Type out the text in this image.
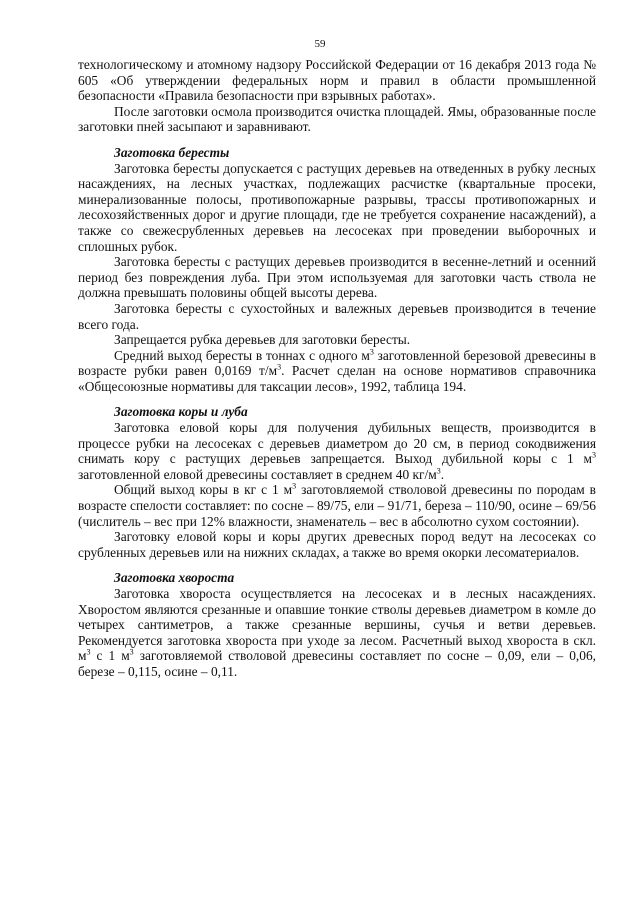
59

технологическому и атомному надзору Российской Федерации от 16 декабря 2013 года № 605 «Об утверждении федеральных норм и правил в области промышленной безопасности «Правила безопасности при взрывных работах».

После заготовки осмола производится очистка площадей. Ямы, образованные после заготовки пней засыпают и заравнивают.

Заготовка бересты

Заготовка бересты допускается с растущих деревьев на отведенных в рубку лесных насаждениях, на лесных участках, подлежащих расчистке (квартальные просеки, минерализованные полосы, противопожарные разрывы, трассы противопожарных и лесохозяйственных дорог и другие площади, где не требуется сохранение насаждений), а также со свежесрубленных деревьев на лесосеках при проведении выборочных и сплошных рубок.

Заготовка бересты с растущих деревьев производится в весенне-летний и осенний период без повреждения луба. При этом используемая для заготовки часть ствола не должна превышать половины общей высоты дерева.

Заготовка бересты с сухостойных и валежных деревьев производится в течение всего года.

Запрещается рубка деревьев для заготовки бересты.

Средний выход бересты в тоннах с одного $м^3$ заготовленной березовой древесины в возрасте рубки равен 0,0169 $т/м^3$. Расчет сделан на основе нормативов справочника «Общесоюзные нормативы для таксации лесов», 1992, таблица 194.

Заготовка коры и луба

Заготовка еловой коры для получения дубильных веществ, производится в процессе рубки на лесосеках с деревьев диаметром до 20 см, в период сокодвижения снимать кору с растущих деревьев запрещается. Выход дубильной коры с 1 $м^3$ заготовленной еловой древесины составляет в среднем 40 $кг/м^3$.

Общий выход коры в кг с 1 $м^3$ заготовляемой стволовой древесины по породам в возрасте спелости составляет: по сосне – 89/75, ели – 91/71, береза – 110/90, осине – 69/56 (числитель – вес при 12% влажности, знаменатель – вес в абсолютно сухом состоянии).

Заготовку еловой коры и коры других древесных пород ведут на лесосеках со срубленных деревьев или на нижних складах, а также во время окорки лесоматериалов.

Заготовка хвороста

Заготовка хвороста осуществляется на лесосеках и в лесных насаждениях. Хворостом являются срезанные и опавшие тонкие стволы деревьев диаметром в комле до четырех сантиметров, а также срезанные вершины, сучья и ветви деревьев. Рекомендуется заготовка хвороста при уходе за лесом. Расчетный выход хвороста в скл. $м^3$ с 1 $м^3$ заготовляемой стволовой древесины составляет по сосне – 0,09, ели – 0,06, березе – 0,115, осине – 0,11.
